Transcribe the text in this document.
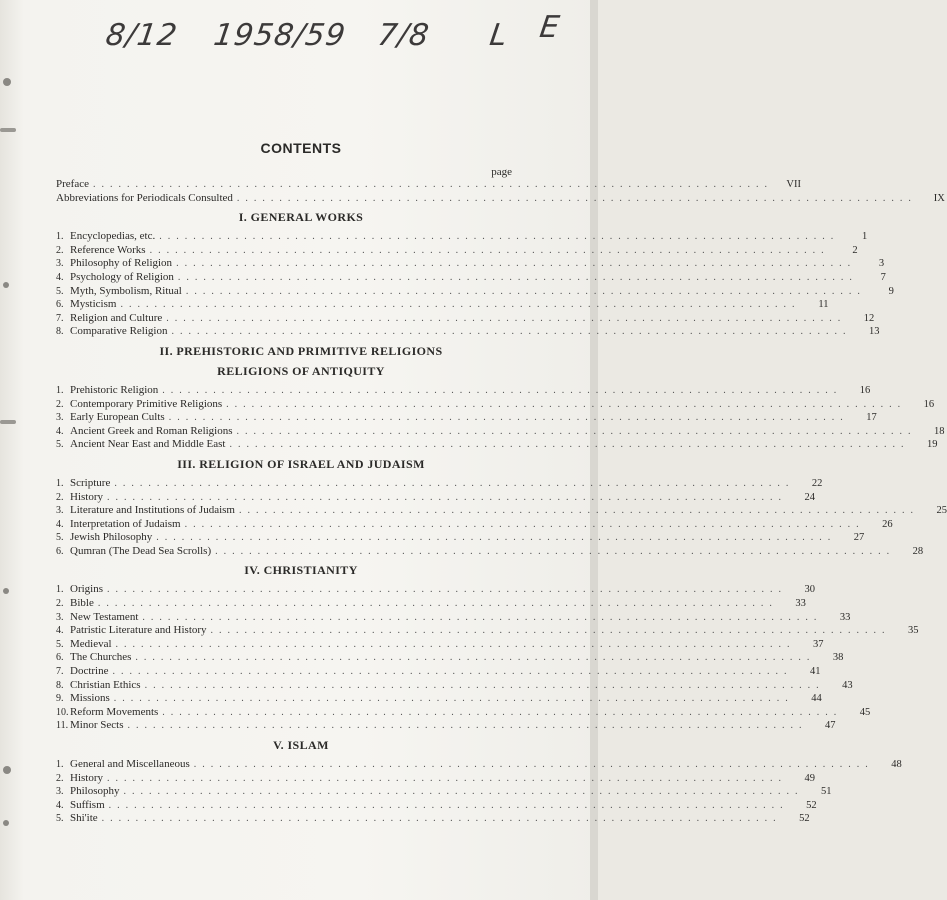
8/12 1958/59 7/8 L E
CONTENTS
page
Preface ................................................................................	VII
Abbreviations for Periodicals Consulted ................................................................................	IX
I. GENERAL WORKS
1. Encyclopedias, etc. ................................................................................	1
2. Reference Works ................................................................................	2
3. Philosophy of Religion ................................................................................	3
4. Psychology of Religion ................................................................................	7
5. Myth, Symbolism, Ritual ................................................................................	9
6. Mysticism ................................................................................	11
7. Religion and Culture ................................................................................	12
8. Comparative Religion ................................................................................	13
II. PREHISTORIC AND PRIMITIVE RELIGIONS
RELIGIONS OF ANTIQUITY
1. Prehistoric Religion ................................................................................	16
2. Contemporary Primitive Religions ................................................................................	16
3. Early European Cults ................................................................................	17
4. Ancient Greek and Roman Religions ................................................................................	18
5. Ancient Near East and Middle East ................................................................................	19
III. RELIGION OF ISRAEL AND JUDAISM
1. Scripture ................................................................................	22
2. History ................................................................................	24
3. Literature and Institutions of Judaism ................................................................................	25
4. Interpretation of Judaism ................................................................................	26
5. Jewish Philosophy ................................................................................	27
6. Qumran (The Dead Sea Scrolls) ................................................................................	28
IV. CHRISTIANITY
1. Origins ................................................................................	30
2. Bible ................................................................................	33
3. New Testament ................................................................................	33
4. Patristic Literature and History ................................................................................	35
5. Medieval ................................................................................	37
6. The Churches ................................................................................	38
7. Doctrine ................................................................................	41
8. Christian Ethics ................................................................................	43
9. Missions ................................................................................	44
10. Reform Movements ................................................................................	45
11. Minor Sects ................................................................................	47
V. ISLAM
1. General and Miscellaneous ................................................................................	48
2. History ................................................................................	49
3. Philosophy ................................................................................	51
4. Suffism ................................................................................	52
5. Shi'ite ................................................................................	52
